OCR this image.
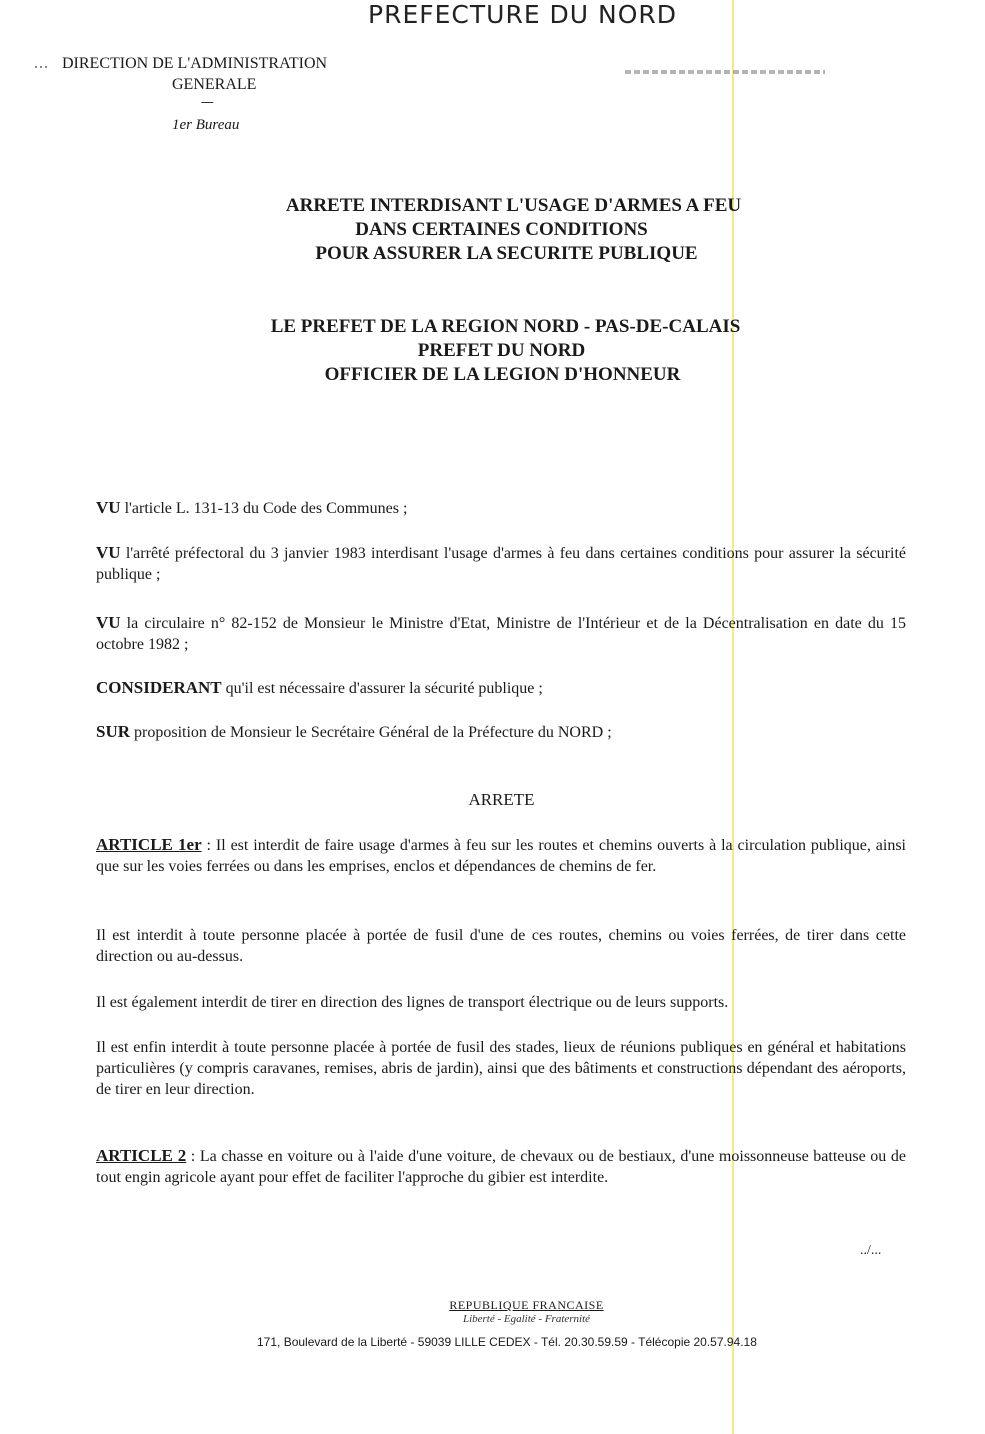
PREFECTURE DU NORD
DIRECTION DE L'ADMINISTRATION
GENERALE
-----
1er Bureau
ARRETE INTERDISANT L'USAGE D'ARMES A FEU
DANS CERTAINES CONDITIONS
POUR ASSURER LA SECURITE PUBLIQUE
LE PREFET DE LA REGION NORD - PAS-DE-CALAIS
PREFET DU NORD
OFFICIER DE LA LEGION D'HONNEUR
VU l'article L. 131-13 du Code des Communes ;
VU l'arrêté préfectoral du 3 janvier 1983 interdisant l'usage d'armes à feu dans certaines conditions pour assurer la sécurité publique ;
VU la circulaire n° 82-152 de Monsieur le Ministre d'Etat, Ministre de l'Intérieur et de la Décentralisation en date du 15 octobre 1982 ;
CONSIDERANT qu'il est nécessaire d'assurer la sécurité publique ;
SUR proposition de Monsieur le Secrétaire Général de la Préfecture du NORD ;
ARRETE
ARTICLE 1er : Il est interdit de faire usage d'armes à feu sur les routes et chemins ouverts à la circulation publique, ainsi que sur les voies ferrées ou dans les emprises, enclos et dépendances de chemins de fer.
Il est interdit à toute personne placée à portée de fusil d'une de ces routes, chemins ou voies ferrées, de tirer dans cette direction ou au-dessus.
Il est également interdit de tirer en direction des lignes de transport électrique ou de leurs supports.
Il est enfin interdit à toute personne placée à portée de fusil des stades, lieux de réunions publiques en général et habitations particulières (y compris caravanes, remises, abris de jardin), ainsi que des bâtiments et constructions dépendant des aéroports, de tirer en leur direction.
ARTICLE 2 : La chasse en voiture ou à l'aide d'une voiture, de chevaux ou de bestiaux, d'une moissonneuse batteuse ou de tout engin agricole ayant pour effet de faciliter l'approche du gibier est interdite.
../...
REPUBLIQUE FRANCAISE
Liberté - Egalité - Fraternité
171, Boulevard de la Liberté - 59039 LILLE CEDEX - Tél. 20.30.59.59 - Télécopie 20.57.94.18
